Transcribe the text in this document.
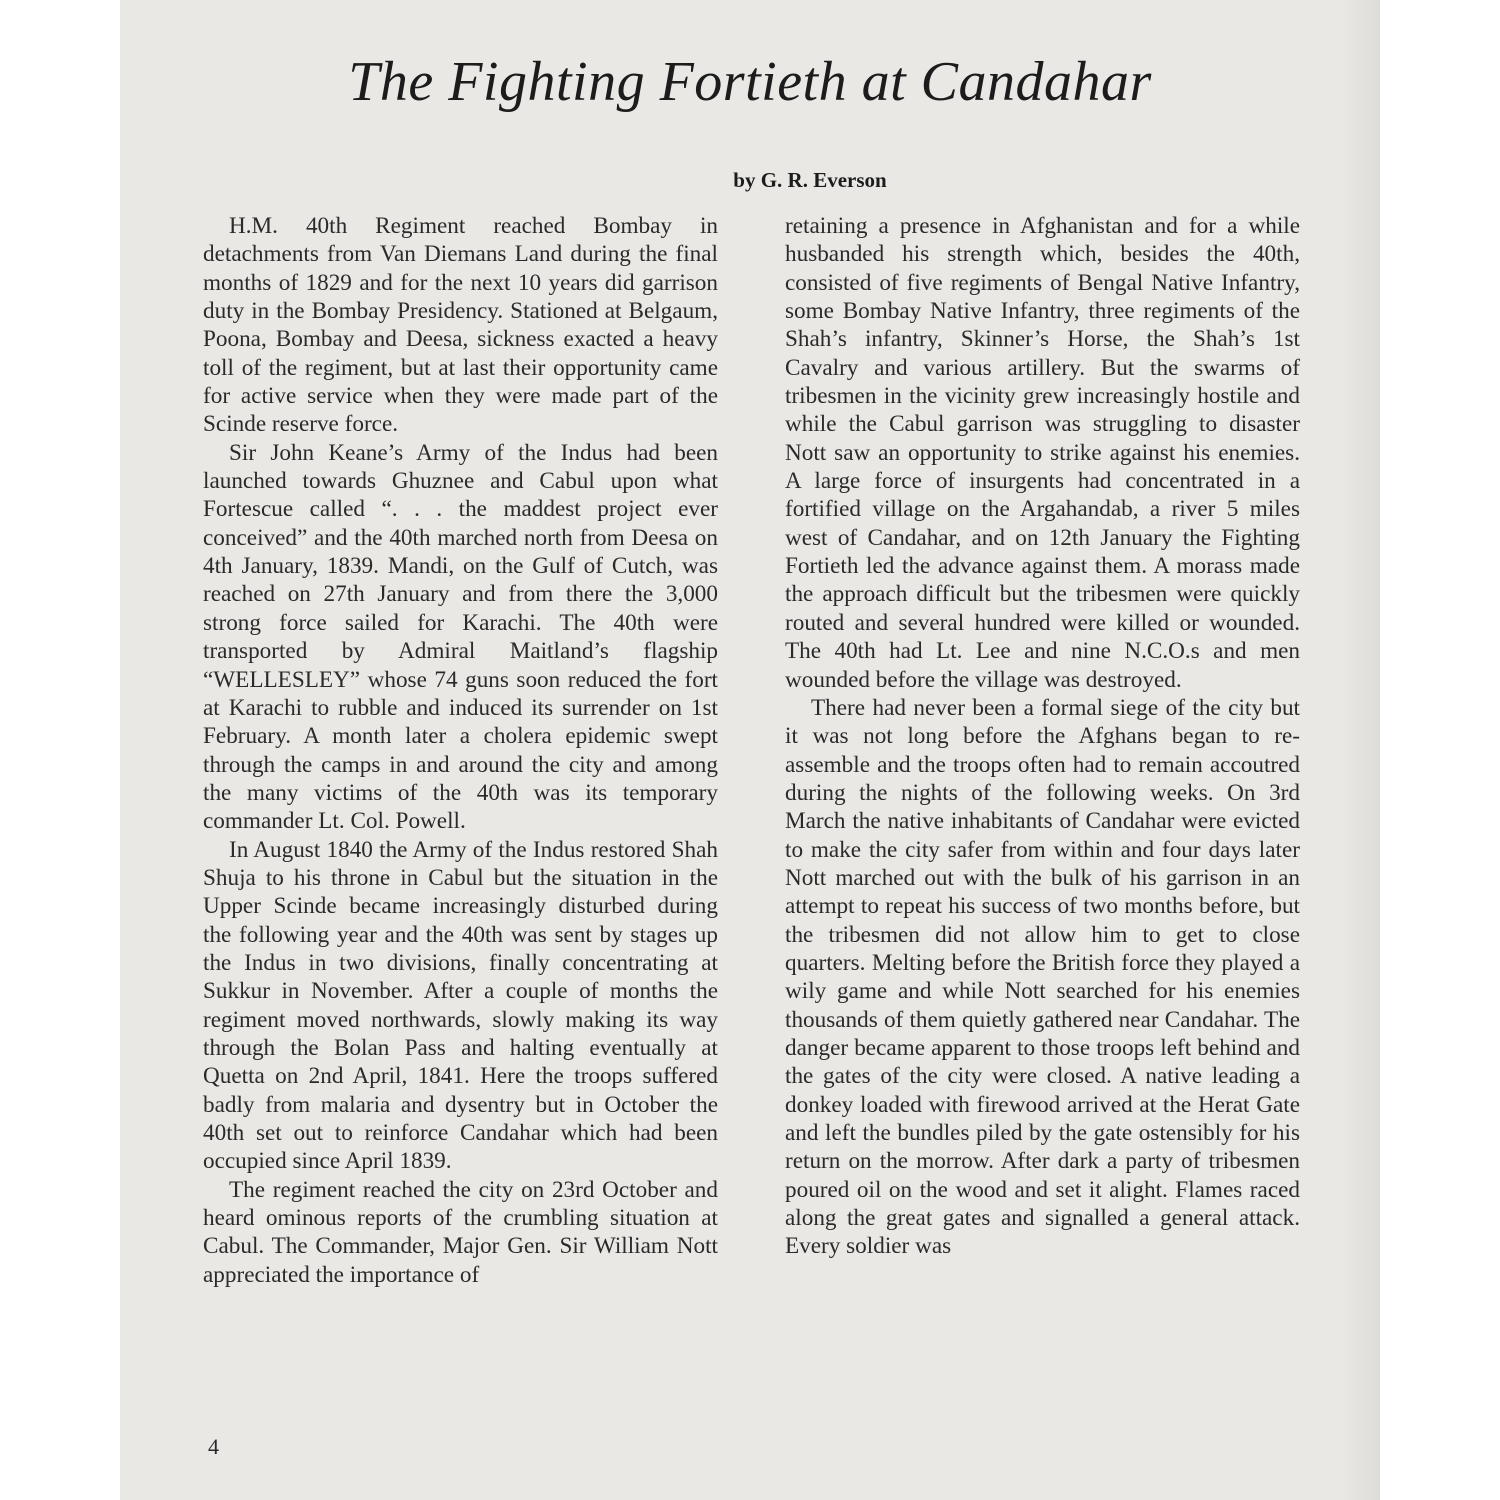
The Fighting Fortieth at Candahar
by G. R. Everson

H.M. 40th Regiment reached Bombay in detachments from Van Diemans Land during the final months of 1829 and for the next 10 years did garrison duty in the Bombay Presidency. Stationed at Belgaum, Poona, Bombay and Deesa, sickness exacted a heavy toll of the regiment, but at last their opportunity came for active service when they were made part of the Scinde reserve force.

Sir John Keane’s Army of the Indus had been launched towards Ghuznee and Cabul upon what Fortescue called “. . . the maddest project ever conceived” and the 40th marched north from Deesa on 4th January, 1839. Mandi, on the Gulf of Cutch, was reached on 27th January and from there the 3,000 strong force sailed for Karachi. The 40th were transported by Admiral Maitland’s flagship “WELLESLEY” whose 74 guns soon reduced the fort at Karachi to rubble and induced its surrender on 1st February. A month later a cholera epidemic swept through the camps in and around the city and among the many victims of the 40th was its temporary commander Lt. Col. Powell.

In August 1840 the Army of the Indus restored Shah Shuja to his throne in Cabul but the situation in the Upper Scinde became increasingly disturbed during the following year and the 40th was sent by stages up the Indus in two divisions, finally concentrating at Sukkur in November. After a couple of months the regiment moved northwards, slowly making its way through the Bolan Pass and halting eventually at Quetta on 2nd April, 1841. Here the troops suffered badly from malaria and dysentry but in October the 40th set out to reinforce Candahar which had been occupied since April 1839.

The regiment reached the city on 23rd October and heard ominous reports of the crumbling situation at Cabul. The Commander, Major Gen. Sir William Nott appreciated the importance of

retaining a presence in Afghanistan and for a while husbanded his strength which, besides the 40th, consisted of five regiments of Bengal Native Infantry, some Bombay Native Infantry, three regiments of the Shah’s infantry, Skinner’s Horse, the Shah’s 1st Cavalry and various artillery. But the swarms of tribesmen in the vicinity grew increasingly hostile and while the Cabul garrison was struggling to disaster Nott saw an opportunity to strike against his enemies. A large force of insurgents had concentrated in a fortified village on the Argahandab, a river 5 miles west of Candahar, and on 12th January the Fighting Fortieth led the advance against them. A morass made the approach difficult but the tribesmen were quickly routed and several hundred were killed or wounded. The 40th had Lt. Lee and nine N.C.O.s and men wounded before the village was destroyed.

There had never been a formal siege of the city but it was not long before the Afghans began to re-assemble and the troops often had to remain accoutred during the nights of the following weeks. On 3rd March the native inhabitants of Candahar were evicted to make the city safer from within and four days later Nott marched out with the bulk of his garrison in an attempt to repeat his success of two months before, but the tribesmen did not allow him to get to close quarters. Melting before the British force they played a wily game and while Nott searched for his enemies thousands of them quietly gathered near Candahar. The danger became apparent to those troops left behind and the gates of the city were closed. A native leading a donkey loaded with firewood arrived at the Herat Gate and left the bundles piled by the gate ostensibly for his return on the morrow. After dark a party of tribesmen poured oil on the wood and set it alight. Flames raced along the great gates and signalled a general attack. Every soldier was

4
